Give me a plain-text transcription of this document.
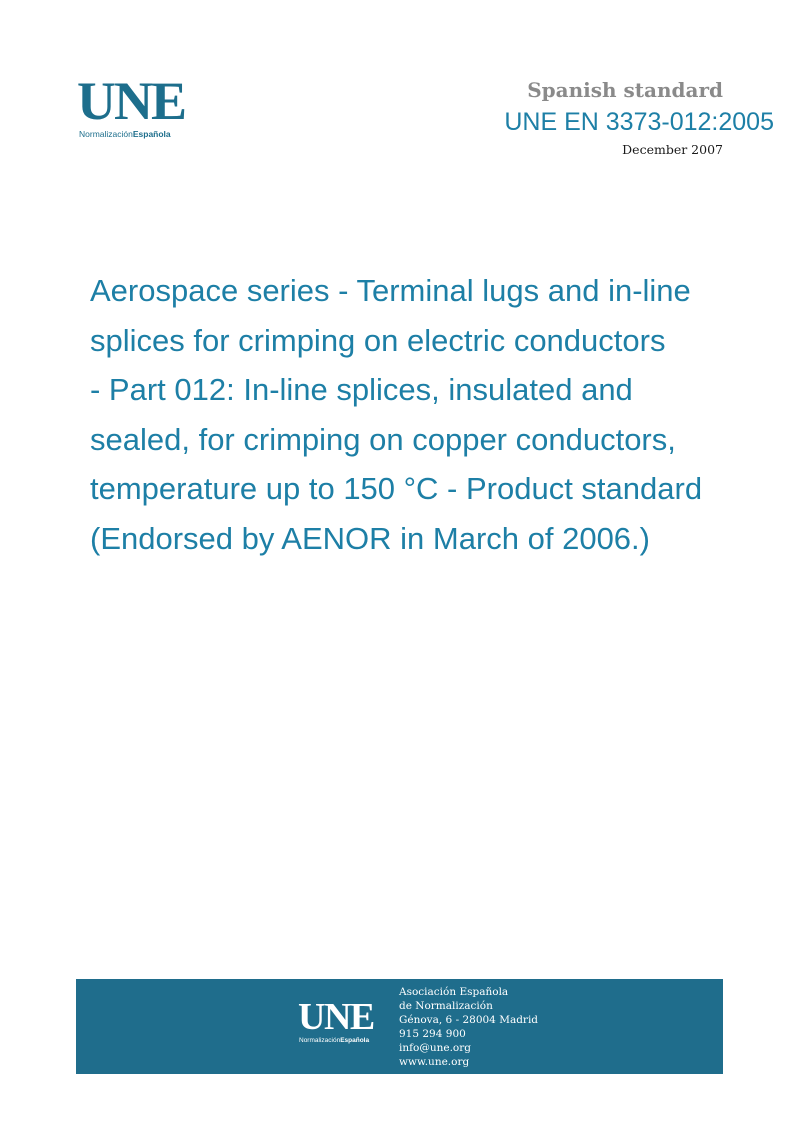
UNE
NormalizaciónEspañola
Spanish standard
UNE EN 3373-012:2005
December 2007
Aerospace series - Terminal lugs and in-line
splices for crimping on electric conductors
- Part 012: In-line splices, insulated and
sealed, for crimping on copper conductors,
temperature up to 150 °C - Product standard
(Endorsed by AENOR in March of 2006.)
UNE
NormalizaciónEspañola
Asociación Española
de Normalización
Génova, 6 - 28004 Madrid
915 294 900
info@une.org
www.une.org
